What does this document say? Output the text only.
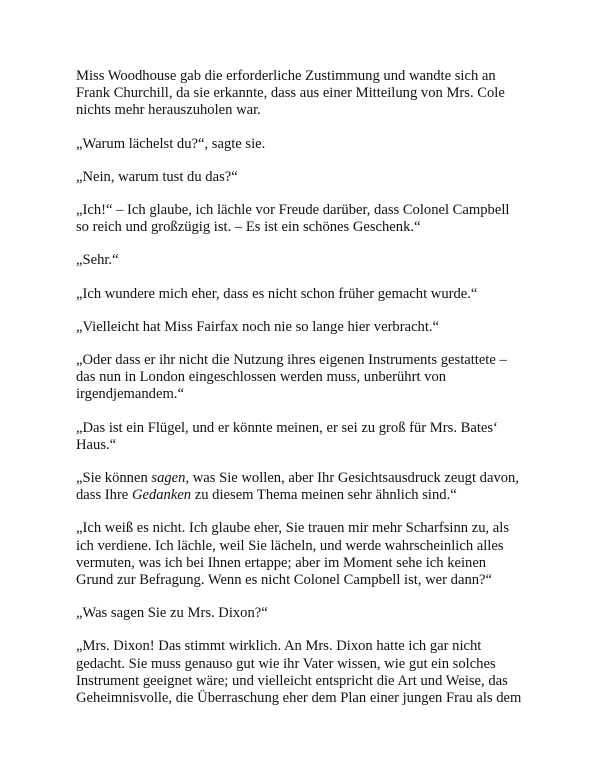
Miss Woodhouse gab die erforderliche Zustimmung und wandte sich an
Frank Churchill, da sie erkannte, dass aus einer Mitteilung von Mrs. Cole
nichts mehr herauszuholen war.

„Warum lächelst du?“, sagte sie.

„Nein, warum tust du das?“

„Ich!“ – Ich glaube, ich lächle vor Freude darüber, dass Colonel Campbell
so reich und großzügig ist. – Es ist ein schönes Geschenk.“

„Sehr.“

„Ich wundere mich eher, dass es nicht schon früher gemacht wurde.“

„Vielleicht hat Miss Fairfax noch nie so lange hier verbracht.“

„Oder dass er ihr nicht die Nutzung ihres eigenen Instruments gestattete –
das nun in London eingeschlossen werden muss, unberührt von
irgendjemandem.“

„Das ist ein Flügel, und er könnte meinen, er sei zu groß für Mrs. Bates‘
Haus.“

„Sie können sagen, was Sie wollen, aber Ihr Gesichtsausdruck zeugt davon,
dass Ihre Gedanken zu diesem Thema meinen sehr ähnlich sind.“

„Ich weiß es nicht. Ich glaube eher, Sie trauen mir mehr Scharfsinn zu, als
ich verdiene. Ich lächle, weil Sie lächeln, und werde wahrscheinlich alles
vermuten, was ich bei Ihnen ertappe; aber im Moment sehe ich keinen
Grund zur Befragung. Wenn es nicht Colonel Campbell ist, wer dann?“

„Was sagen Sie zu Mrs. Dixon?“

„Mrs. Dixon! Das stimmt wirklich. An Mrs. Dixon hatte ich gar nicht
gedacht. Sie muss genauso gut wie ihr Vater wissen, wie gut ein solches
Instrument geeignet wäre; und vielleicht entspricht die Art und Weise, das
Geheimnisvolle, die Überraschung eher dem Plan einer jungen Frau als dem
